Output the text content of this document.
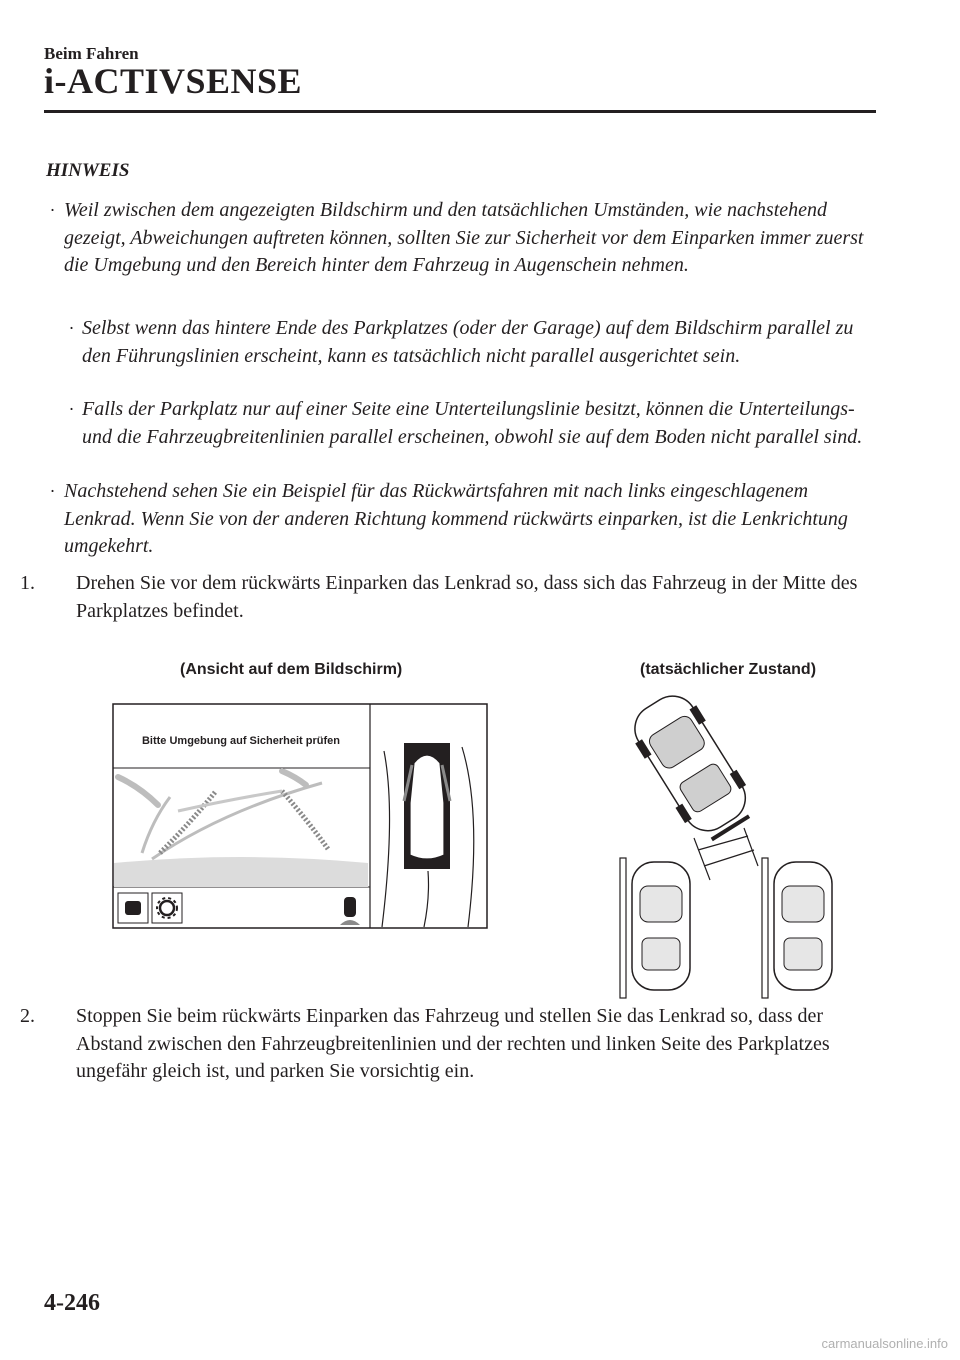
Beim Fahren
i-ACTIVSENSE
HINWEIS
· Weil zwischen dem angezeigten Bildschirm und den tatsächlichen Umständen, wie nachstehend gezeigt, Abweichungen auftreten können, sollten Sie zur Sicherheit vor dem Einparken immer zuerst die Umgebung und den Bereich hinter dem Fahrzeug in Augenschein nehmen.
· Selbst wenn das hintere Ende des Parkplatzes (oder der Garage) auf dem Bildschirm parallel zu den Führungslinien erscheint, kann es tatsächlich nicht parallel ausgerichtet sein.
· Falls der Parkplatz nur auf einer Seite eine Unterteilungslinie besitzt, können die Unterteilungs- und die Fahrzeugbreitenlinien parallel erscheinen, obwohl sie auf dem Boden nicht parallel sind.
· Nachstehend sehen Sie ein Beispiel für das Rückwärtsfahren mit nach links eingeschlagenem Lenkrad. Wenn Sie von der anderen Richtung kommend rückwärts einparken, ist die Lenkrichtung umgekehrt.
1. Drehen Sie vor dem rückwärts Einparken das Lenkrad so, dass sich das Fahrzeug in der Mitte des Parkplatzes befindet.
(Ansicht auf dem Bildschirm)	(tatsächlicher Zustand)
Bitte Umgebung auf Sicherheit prüfen
2. Stoppen Sie beim rückwärts Einparken das Fahrzeug und stellen Sie das Lenkrad so, dass der Abstand zwischen den Fahrzeugbreitenlinien und der rechten und linken Seite des Parkplatzes ungefähr gleich ist, und parken Sie vorsichtig ein.
4-246
carmanualsonline.info
